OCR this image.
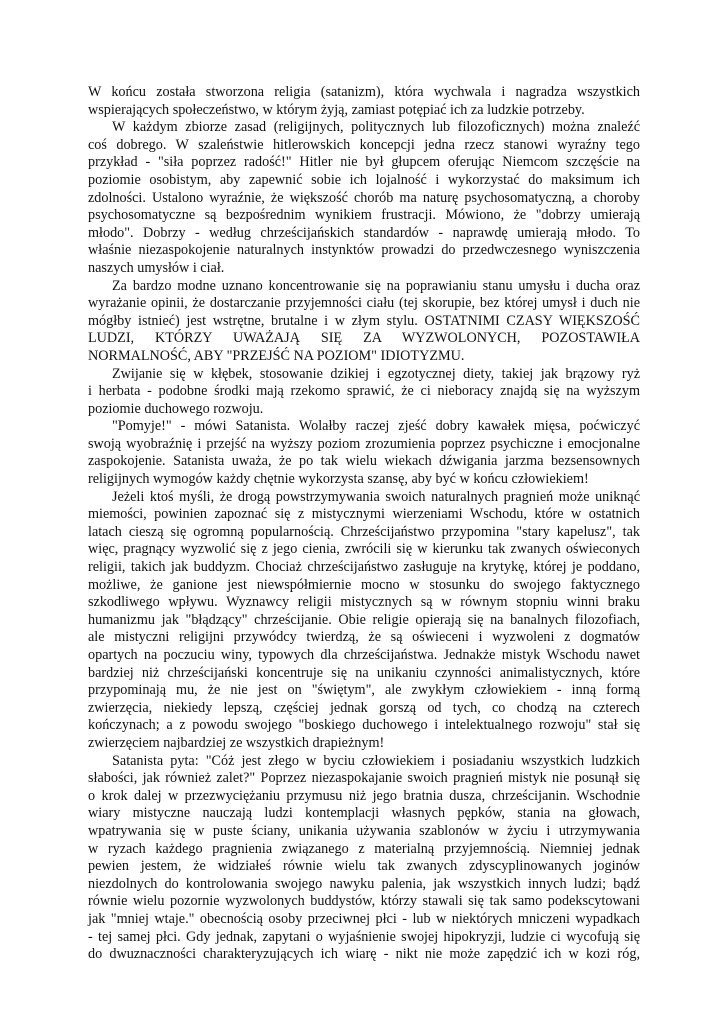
W końcu została stworzona religia (satanizm), która wychwala i nagradza wszystkich
wspierających społeczeństwo, w którym żyją, zamiast potępiać ich za ludzkie potrzeby.
W każdym zbiorze zasad (religijnych, politycznych lub filozoficznych) można znaleźć
coś dobrego. W szaleństwie hitlerowskich koncepcji jedna rzecz stanowi wyraźny tego
przykład - "siła poprzez radość!" Hitler nie był głupcem oferując Niemcom szczęście na
poziomie osobistym, aby zapewnić sobie ich lojalność i wykorzystać do maksimum ich
zdolności. Ustalono wyraźnie, że większość chorób ma naturę psychosomatyczną, a choroby
psychosomatyczne są bezpośrednim wynikiem frustracji. Mówiono, że "dobrzy umierają
młodo". Dobrzy - według chrześcijańskich standardów - naprawdę umierają młodo. To
właśnie niezaspokojenie naturalnych instynktów prowadzi do przedwczesnego wyniszczenia
naszych umysłów i ciał.
Za bardzo modne uznano koncentrowanie się na poprawianiu stanu umysłu i ducha oraz
wyrażanie opinii, że dostarczanie przyjemności ciału (tej skorupie, bez której umysł i duch nie
mógłby istnieć) jest wstrętne, brutalne i w złym stylu. OSTATNIMI CZASY WIĘKSZOŚĆ
LUDZI, KTÓRZY UWAŻAJĄ SIĘ ZA WYZWOLONYCH, POZOSTAWIŁA
NORMALNOŚĆ, ABY "PRZEJŚĆ NA POZIOM" IDIOTYZMU.
Zwijanie się w kłębek, stosowanie dzikiej i egzotycznej diety, takiej jak brązowy ryż
i herbata - podobne środki mają rzekomo sprawić, że ci nieboracy znajdą się na wyższym
poziomie duchowego rozwoju.
"Pomyje!" - mówi Satanista. Wolałby raczej zjeść dobry kawałek mięsa, poćwiczyć
swoją wyobraźnię i przejść na wyższy poziom zrozumienia poprzez psychiczne i emocjonalne
zaspokojenie. Satanista uważa, że po tak wielu wiekach dźwigania jarzma bezsensownych
religijnych wymogów każdy chętnie wykorzysta szansę, aby być w końcu człowiekiem!
Jeżeli ktoś myśli, że drogą powstrzymywania swoich naturalnych pragnień może uniknąć
miemości, powinien zapoznać się z mistycznymi wierzeniami Wschodu, które w ostatnich
latach cieszą się ogromną popularnością. Chrześcijaństwo przypomina "stary kapelusz", tak
więc, pragnący wyzwolić się z jego cienia, zwrócili się w kierunku tak zwanych oświeconych
religii, takich jak buddyzm. Chociaż chrześcijaństwo zasługuje na krytykę, której je poddano,
możliwe, że ganione jest niewspółmiernie mocno w stosunku do swojego faktycznego
szkodliwego wpływu. Wyznawcy religii mistycznych są w równym stopniu winni braku
humanizmu jak "błądzący" chrześcijanie. Obie religie opierają się na banalnych filozofiach,
ale mistyczni religijni przywódcy twierdzą, że są oświeceni i wyzwoleni z dogmatów
opartych na poczuciu winy, typowych dla chrześcijaństwa. Jednakże mistyk Wschodu nawet
bardziej niż chrześcijański koncentruje się na unikaniu czynności animalistycznych, które
przypominają mu, że nie jest on "świętym", ale zwykłym człowiekiem - inną formą
zwierzęcia, niekiedy lepszą, częściej jednak gorszą od tych, co chodzą na czterech
kończynach; a z powodu swojego "boskiego duchowego i intelektualnego rozwoju" stał się
zwierzęciem najbardziej ze wszystkich drapieżnym!
Satanista pyta: "Cóż jest złego w byciu człowiekiem i posiadaniu wszystkich ludzkich
słabości, jak również zalet?" Poprzez niezaspokajanie swoich pragnień mistyk nie posunął się
o krok dalej w przezwyciężaniu przymusu niż jego bratnia dusza, chrześcijanin. Wschodnie
wiary mistyczne nauczają ludzi kontemplacji własnych pępków, stania na głowach,
wpatrywania się w puste ściany, unikania używania szablonów w życiu i utrzymywania
w ryzach każdego pragnienia związanego z materialną przyjemnością. Niemniej jednak
pewien jestem, że widziałeś równie wielu tak zwanych zdyscyplinowanych joginów
niezdolnych do kontrolowania swojego nawyku palenia, jak wszystkich innych ludzi; bądź
równie wielu pozornie wyzwolonych buddystów, którzy stawali się tak samo podekscytowani
jak "mniej wtaje." obecnością osoby przeciwnej płci - lub w niektórych mniczeni wypadkach
- tej samej płci. Gdy jednak, zapytani o wyjaśnienie swojej hipokryzji, ludzie ci wycofują się
do dwuznaczności charakteryzujących ich wiarę - nikt nie może zapędzić ich w kozi róg,
